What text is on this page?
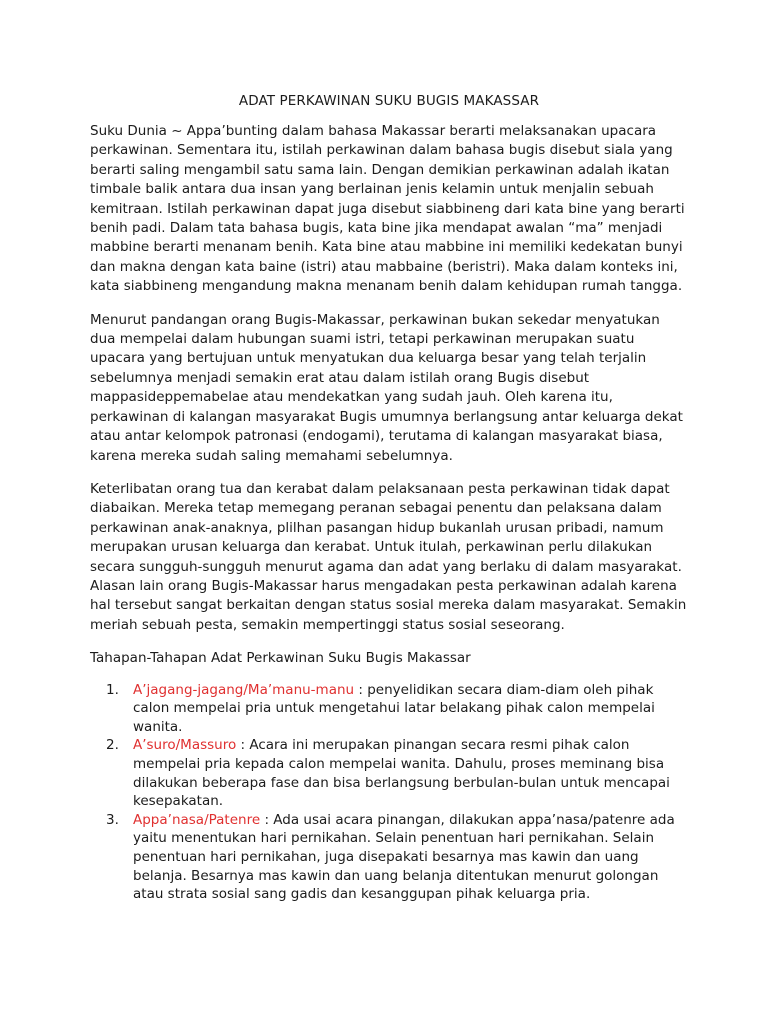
ADAT PERKAWINAN SUKU BUGIS MAKASSAR

Suku Dunia ~ Appa’bunting dalam bahasa Makassar berarti melaksanakan upacara perkawinan. Sementara itu, istilah perkawinan dalam bahasa bugis disebut siala yang berarti saling mengambil satu sama lain. Dengan demikian perkawinan adalah ikatan timbale balik antara dua insan yang berlainan jenis kelamin untuk menjalin sebuah kemitraan. Istilah perkawinan dapat juga disebut siabbineng dari kata bine yang berarti benih padi. Dalam tata bahasa bugis, kata bine jika mendapat awalan “ma” menjadi mabbine berarti menanam benih. Kata bine atau mabbine ini memiliki kedekatan bunyi dan makna dengan kata baine (istri) atau mabbaine (beristri). Maka dalam konteks ini, kata siabbineng mengandung makna menanam benih dalam kehidupan rumah tangga.

Menurut pandangan orang Bugis-Makassar, perkawinan bukan sekedar menyatukan dua mempelai dalam hubungan suami istri, tetapi perkawinan merupakan suatu upacara yang bertujuan untuk menyatukan dua keluarga besar yang telah terjalin sebelumnya menjadi semakin erat atau dalam istilah orang Bugis disebut mappasideppemabelae atau mendekatkan yang sudah jauh. Oleh karena itu, perkawinan di kalangan masyarakat Bugis umumnya berlangsung antar keluarga dekat atau antar kelompok patronasi (endogami), terutama di kalangan masyarakat biasa, karena mereka sudah saling memahami sebelumnya.

Keterlibatan orang tua dan kerabat dalam pelaksanaan pesta perkawinan tidak dapat diabaikan. Mereka tetap memegang peranan sebagai penentu dan pelaksana dalam perkawinan anak-anaknya, plilhan pasangan hidup bukanlah urusan pribadi, namum merupakan urusan keluarga dan kerabat. Untuk itulah, perkawinan perlu dilakukan secara sungguh-sungguh menurut agama dan adat yang berlaku di dalam masyarakat. Alasan lain orang Bugis-Makassar harus mengadakan pesta perkawinan adalah karena hal tersebut sangat berkaitan dengan status sosial mereka dalam masyarakat. Semakin meriah sebuah pesta, semakin mempertinggi status sosial seseorang.

Tahapan-Tahapan Adat Perkawinan Suku Bugis Makassar
1. A’jagang-jagang/Ma’manu-manu : penyelidikan secara diam-diam oleh pihak calon mempelai pria untuk mengetahui latar belakang pihak calon mempelai wanita.
2. A’suro/Massuro : Acara ini merupakan pinangan secara resmi pihak calon mempelai pria kepada calon mempelai wanita. Dahulu, proses meminang bisa dilakukan beberapa fase dan bisa berlangsung berbulan-bulan untuk mencapai kesepakatan.
3. Appa’nasa/Patenre : Ada usai acara pinangan, dilakukan appa’nasa/patenre ada yaitu menentukan hari pernikahan. Selain penentuan hari pernikahan. Selain penentuan hari pernikahan, juga disepakati besarnya mas kawin dan uang belanja. Besarnya mas kawin dan uang belanja ditentukan menurut golongan atau strata sosial sang gadis dan kesanggupan pihak keluarga pria.
